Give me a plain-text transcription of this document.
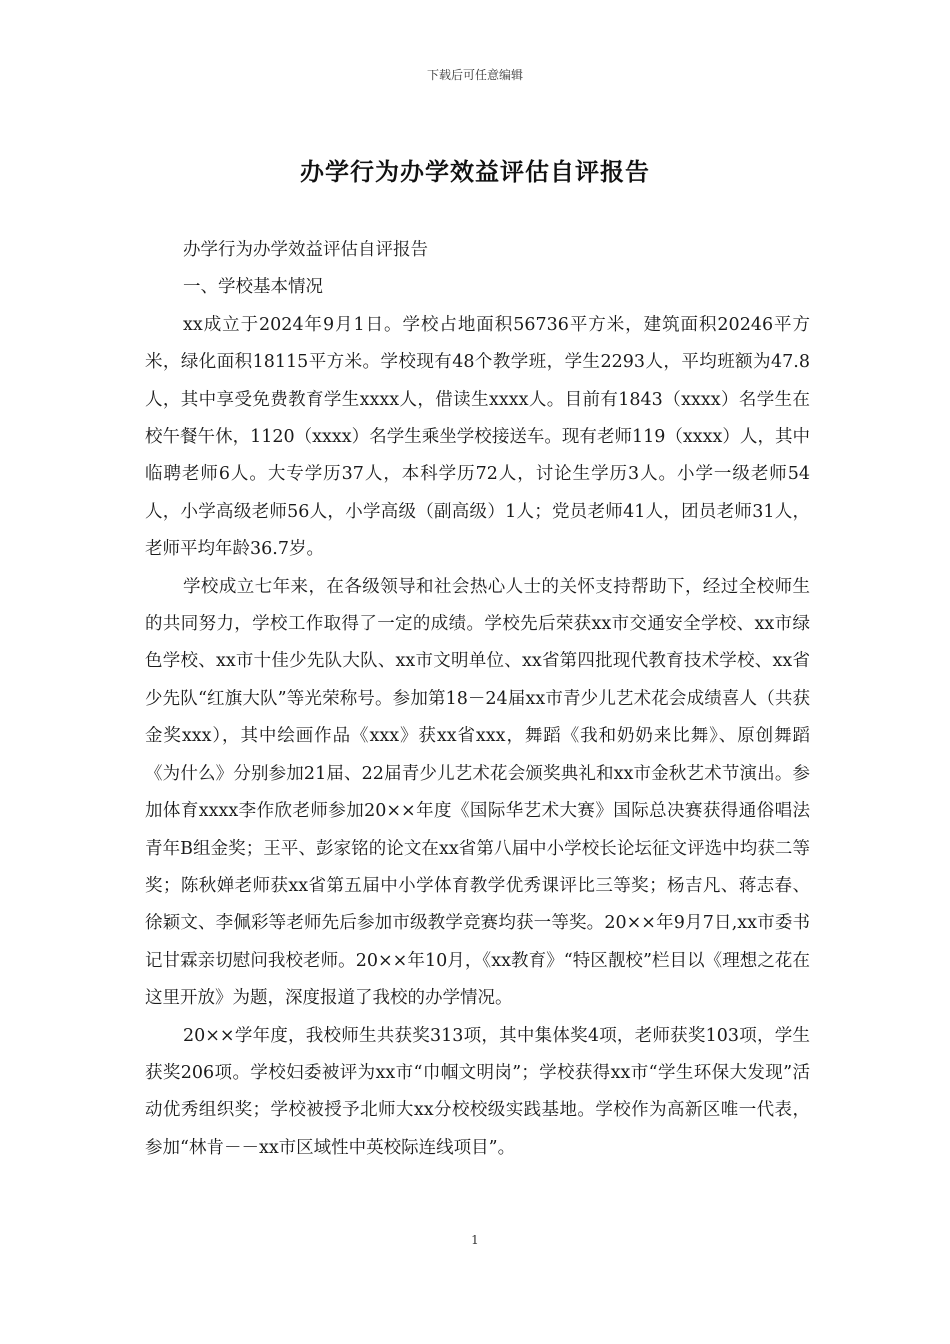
下载后可任意编辑
办学行为办学效益评估自评报告

办学行为办学效益评估自评报告

一、学校基本情况

xx成立于2024年9月1日。学校占地面积56736平方米，建筑面积20246平方米，绿化面积18115平方米。学校现有48个教学班，学生2293人，平均班额为47.8人，其中享受免费教育学生xxxx人，借读生xxxx人。目前有1843（xxxx）名学生在校午餐午休，1120（xxxx）名学生乘坐学校接送车。现有老师119（xxxx）人，其中临聘老师6人。大专学历37人，本科学历72人，讨论生学历3人。小学一级老师54人，小学高级老师56人，小学高级（副高级）1人；党员老师41人，团员老师31人，老师平均年龄36.7岁。

学校成立七年来，在各级领导和社会热心人士的关怀支持帮助下，经过全校师生的共同努力，学校工作取得了一定的成绩。学校先后荣获xx市交通安全学校、xx市绿色学校、xx市十佳少先队大队、xx市文明单位、xx省第四批现代教育技术学校、xx省少先队“红旗大队”等光荣称号。参加第18－24届xx市青少儿艺术花会成绩喜人（共获金奖xxx），其中绘画作品《xxx》获xx省xxx，舞蹈《我和奶奶来比舞》、原创舞蹈《为什么》分别参加21届、22届青少儿艺术花会颁奖典礼和xx市金秋艺术节演出。参加体育xxxx李作欣老师参加20××年度《国际华艺术大赛》国际总决赛获得通俗唱法青年B组金奖；王平、彭家铭的论文在xx省第八届中小学校长论坛征文评选中均获二等奖；陈秋婵老师获xx省第五届中小学体育教学优秀课评比三等奖；杨吉凡、蒋志春、徐颖文、李佩彩等老师先后参加市级教学竞赛均获一等奖。20××年9月7日,xx市委书记甘霖亲切慰问我校老师。20××年10月，《xx教育》“特区靓校”栏目以《理想之花在这里开放》为题，深度报道了我校的办学情况。

20××学年度，我校师生共获奖313项，其中集体奖4项，老师获奖103项，学生获奖206项。学校妇委被评为xx市“巾帼文明岗”；学校获得xx市“学生环保大发现”活动优秀组织奖；学校被授予北师大xx分校校级实践基地。学校作为高新区唯一代表，参加“林肯－－xx市区域性中英校际连线项目”。

1
